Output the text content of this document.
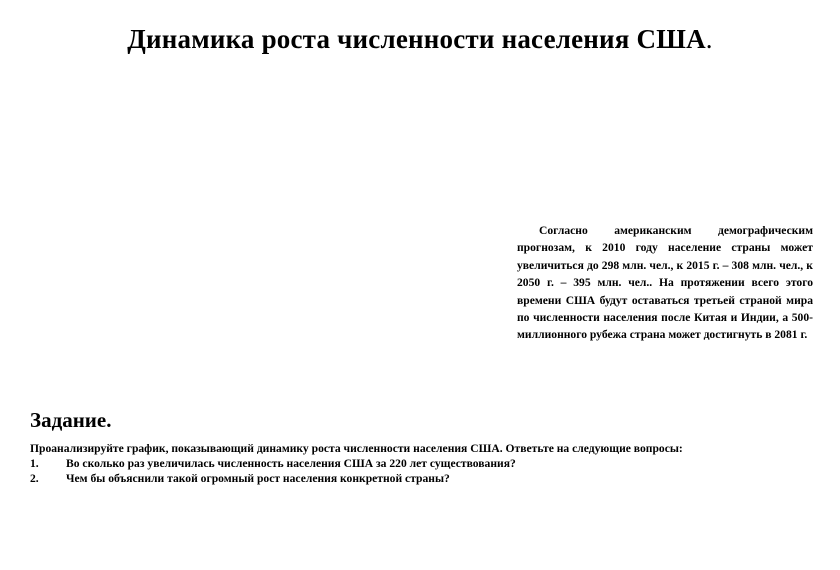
Динамика роста численности населения США.
Согласно американским демографическим прогнозам, к 2010 году население страны может увеличиться до 298 млн. чел., к 2015 г. – 308 млн. чел., к 2050 г. – 395 млн. чел.. На протяжении всего этого времени США будут оставаться третьей страной мира по численности населения после Китая и Индии, а 500-миллионного рубежа страна может достигнуть в 2081 г.
Задание.
Проанализируйте график, показывающий динамику роста численности населения США. Ответьте на следующие вопросы:
1.	Во сколько раз увеличилась численность населения США за 220 лет существования?
2.	Чем бы объяснили такой огромный рост населения конкретной страны?
